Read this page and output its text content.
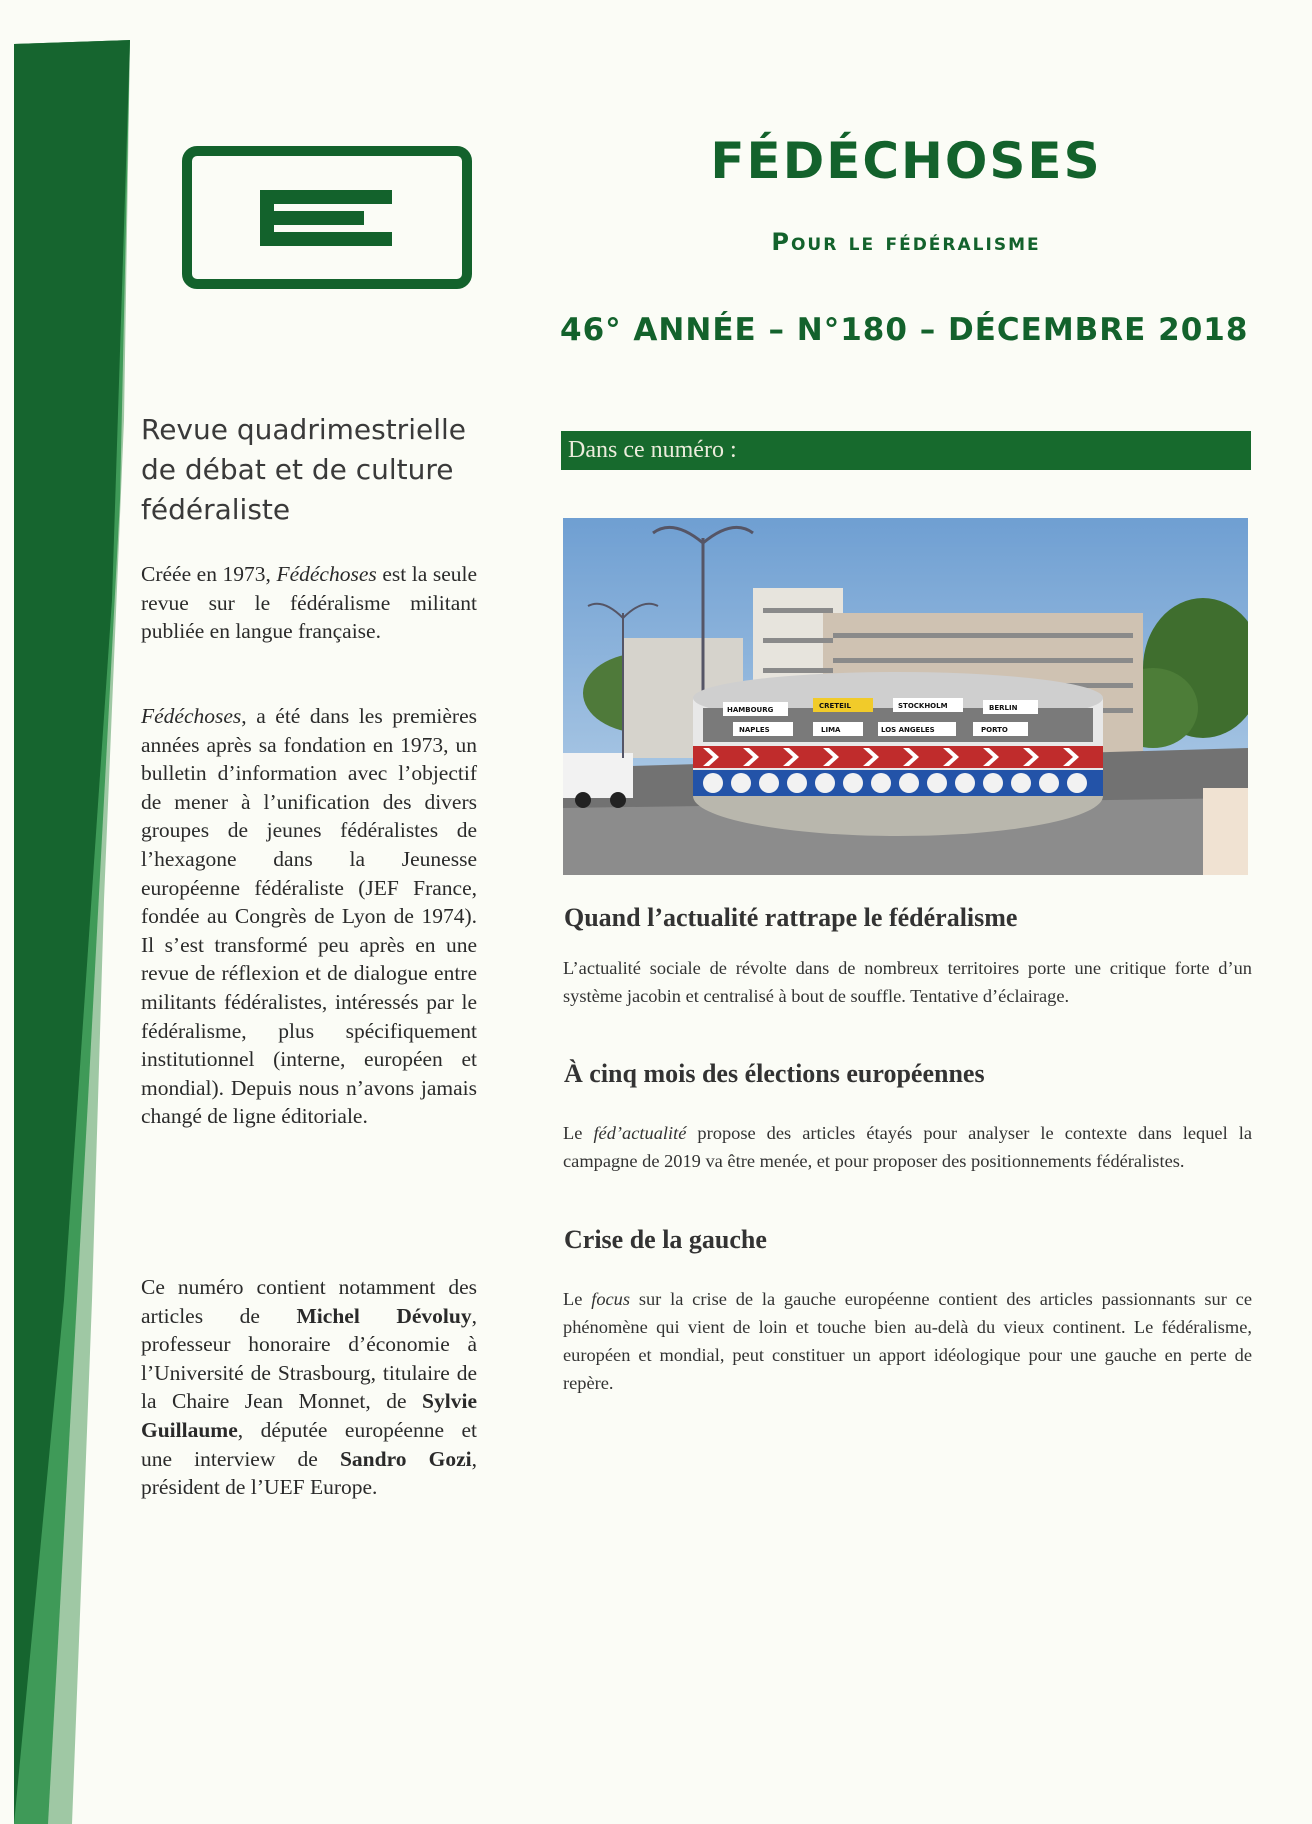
FÉDÉCHOSES
Pour le fédéralisme
46° ANNÉE – N°180 – DÉCEMBRE 2018
Revue quadrimestrielle de débat et de culture fédéraliste

Créée en 1973, Fédéchoses est la seule revue sur le fédéralisme militant publiée en langue française.

Fédéchoses, a été dans les premières années après sa fondation en 1973, un bulletin d’information avec l’objectif de mener à l’unification des divers groupes de jeunes fédéralistes de l’hexagone dans la Jeunesse européenne fédéraliste (JEF France, fondée au Congrès de Lyon de 1974). Il s’est transformé peu après en une revue de réflexion et de dialogue entre militants fédéralistes, intéressés par le fédéralisme, plus spécifiquement institutionnel (interne, européen et mondial). Depuis nous n’avons jamais changé de ligne éditoriale.

Ce numéro contient notamment des articles de Michel Dévoluy, professeur honoraire d’économie à l’Université de Strasbourg, titulaire de la Chaire Jean Monnet, de Sylvie Guillaume, députée européenne et une interview de Sandro Gozi, président de l’UEF Europe.

Dans ce numéro :
HAMBOURG	CRETEIL	STOCKHOLM	BERLIN
NAPLES	LIMA	LOS ANGELES	PORTO
Quand l’actualité rattrape le fédéralisme

L’actualité sociale de révolte dans de nombreux territoires porte une critique forte d’un système jacobin et centralisé à bout de souffle. Tentative d’éclairage.

À cinq mois des élections européennes

Le féd’actualité propose des articles étayés pour analyser le contexte dans lequel la campagne de 2019 va être menée, et pour proposer des positionnements fédéralistes.

Crise de la gauche

Le focus sur la crise de la gauche européenne contient des articles passionnants sur ce phénomène qui vient de loin et touche bien au-delà du vieux continent. Le fédéralisme, européen et mondial, peut constituer un apport idéologique pour une gauche en perte de repère.
